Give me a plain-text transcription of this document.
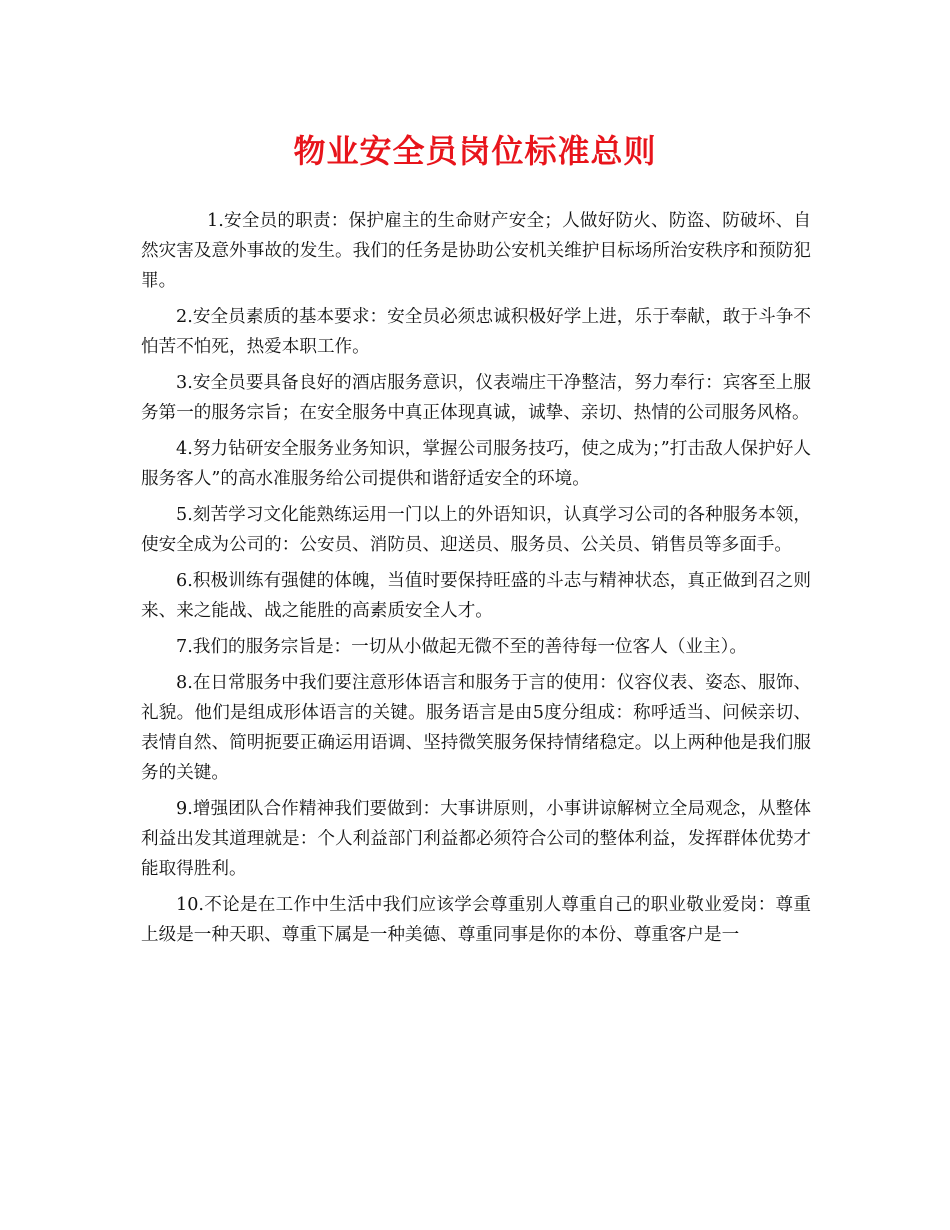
物业安全员岗位标准总则

1.安全员的职责：保护雇主的生命财产安全；人做好防火、防盗、防破坏、自然灾害及意外事故的发生。我们的任务是协助公安机关维护目标场所治安秩序和预防犯罪。

2.安全员素质的基本要求：安全员必须忠诚积极好学上进，乐于奉献，敢于斗争不怕苦不怕死，热爱本职工作。

3.安全员要具备良好的酒店服务意识，仪表端庄干净整洁，努力奉行：宾客至上服务第一的服务宗旨；在安全服务中真正体现真诚，诚挚、亲切、热情的公司服务风格。

4.努力钻研安全服务业务知识，掌握公司服务技巧，使之成为；”打击敌人保护好人服务客人”的高水准服务给公司提供和谐舒适安全的环境。

5.刻苦学习文化能熟练运用一门以上的外语知识，认真学习公司的各种服务本领，使安全成为公司的：公安员、消防员、迎送员、服务员、公关员、销售员等多面手。

6.积极训练有强健的体魄，当值时要保持旺盛的斗志与精神状态，真正做到召之则来、来之能战、战之能胜的高素质安全人才。

7.我们的服务宗旨是：一切从小做起无微不至的善待每一位客人（业主）。

8.在日常服务中我们要注意形体语言和服务于言的使用：仪容仪表、姿态、服饰、礼貌。他们是组成形体语言的关键。服务语言是由5度分组成：称呼适当、问候亲切、表情自然、简明扼要正确运用语调、坚持微笑服务保持情绪稳定。以上两种他是我们服务的关键。

9.增强团队合作精神我们要做到：大事讲原则，小事讲谅解树立全局观念，从整体利益出发其道理就是：个人利益部门利益都必须符合公司的整体利益，发挥群体优势才能取得胜利。

10.不论是在工作中生活中我们应该学会尊重别人尊重自己的职业敬业爱岗：尊重上级是一种天职、尊重下属是一种美德、尊重同事是你的本份、尊重客户是一
